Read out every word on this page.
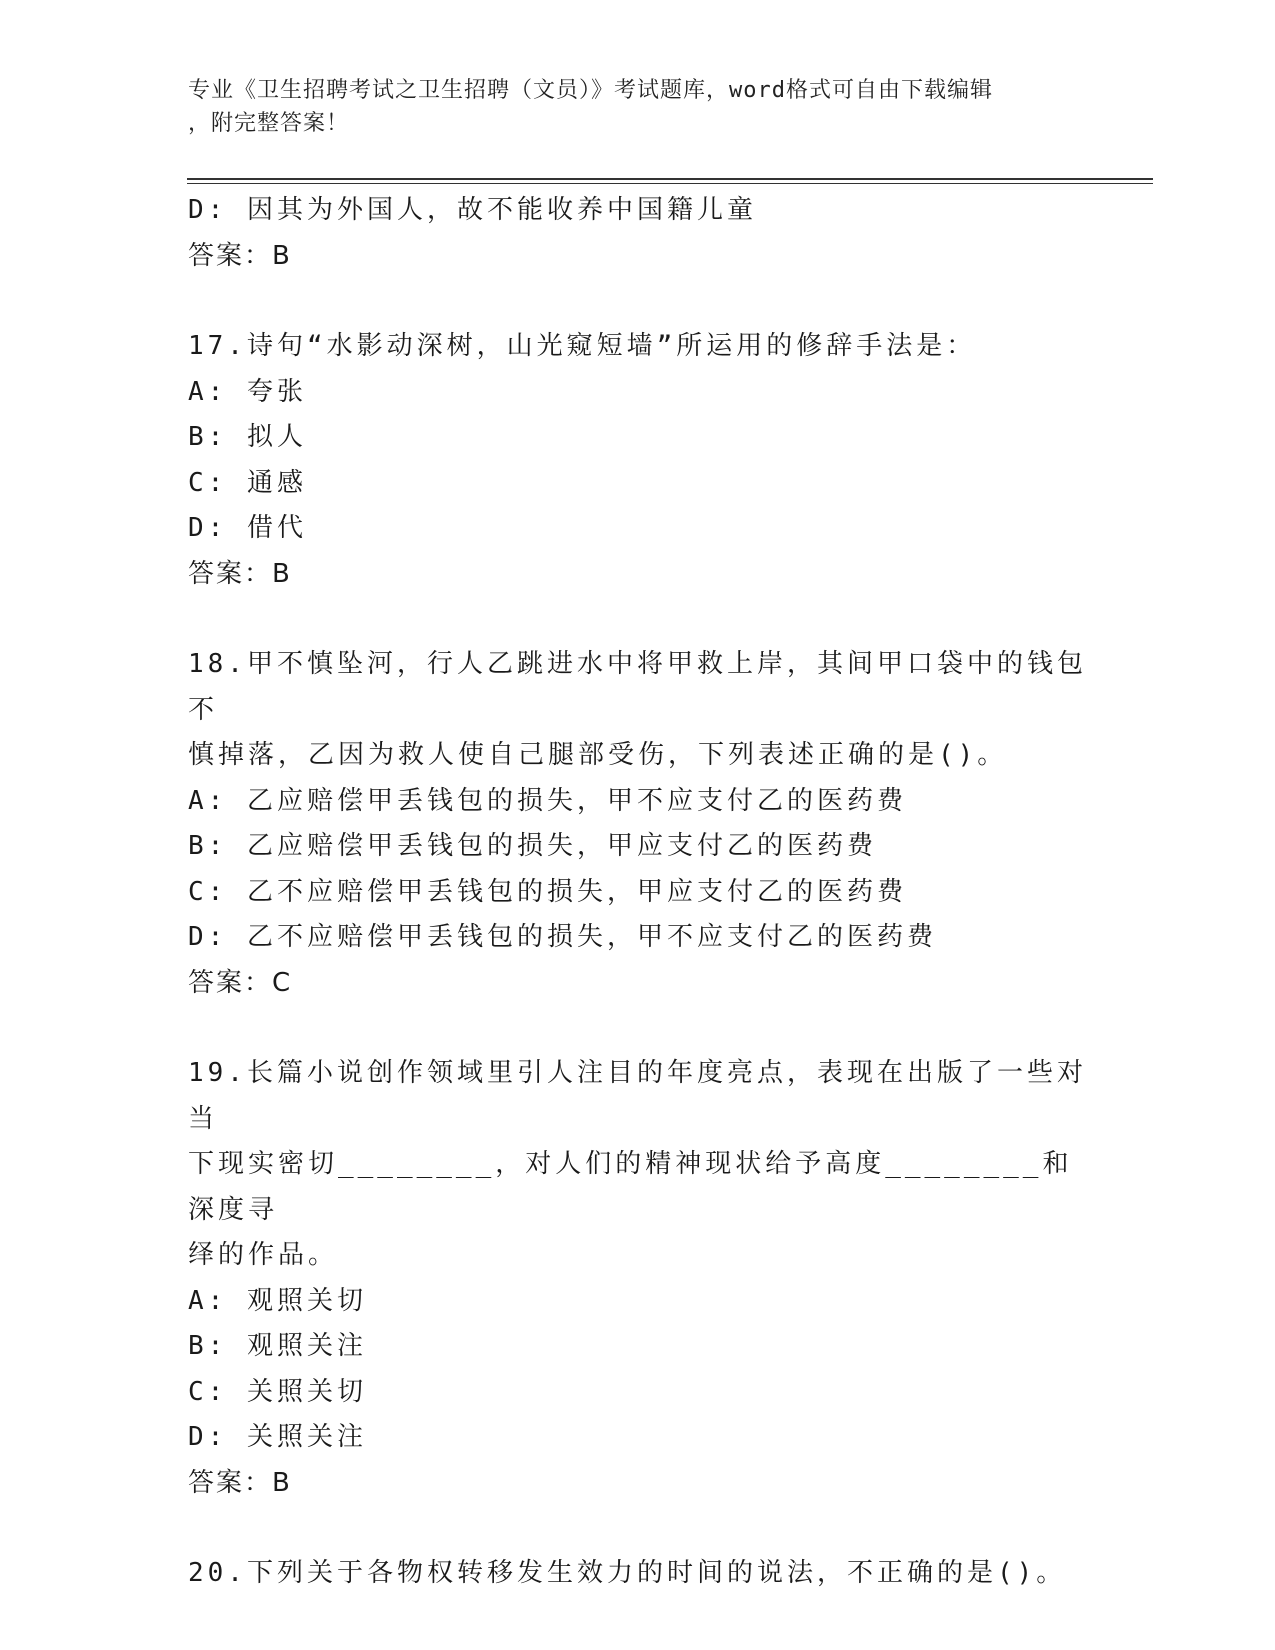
专业《卫生招聘考试之卫生招聘（文员）》考试题库，word格式可自由下载编辑
，附完整答案！

D: 因其为外国人，故不能收养中国籍儿童

答案：B

17.诗句“水影动深树，山光窥短墙”所运用的修辞手法是：

A: 夸张

B: 拟人

C: 通感

D: 借代

答案：B

18.甲不慎坠河，行人乙跳进水中将甲救上岸，其间甲口袋中的钱包不

慎掉落，乙因为救人使自己腿部受伤，下列表述正确的是()。

A: 乙应赔偿甲丢钱包的损失，甲不应支付乙的医药费

B: 乙应赔偿甲丢钱包的损失，甲应支付乙的医药费

C: 乙不应赔偿甲丢钱包的损失，甲应支付乙的医药费

D: 乙不应赔偿甲丢钱包的损失，甲不应支付乙的医药费

答案：C

19.长篇小说创作领域里引人注目的年度亮点，表现在出版了一些对当

下现实密切________，对人们的精神现状给予高度________和深度寻

绎的作品。

A: 观照关切

B: 观照关注

C: 关照关切

D: 关照关注

答案：B

20.下列关于各物权转移发生效力的时间的说法，不正确的是()。
